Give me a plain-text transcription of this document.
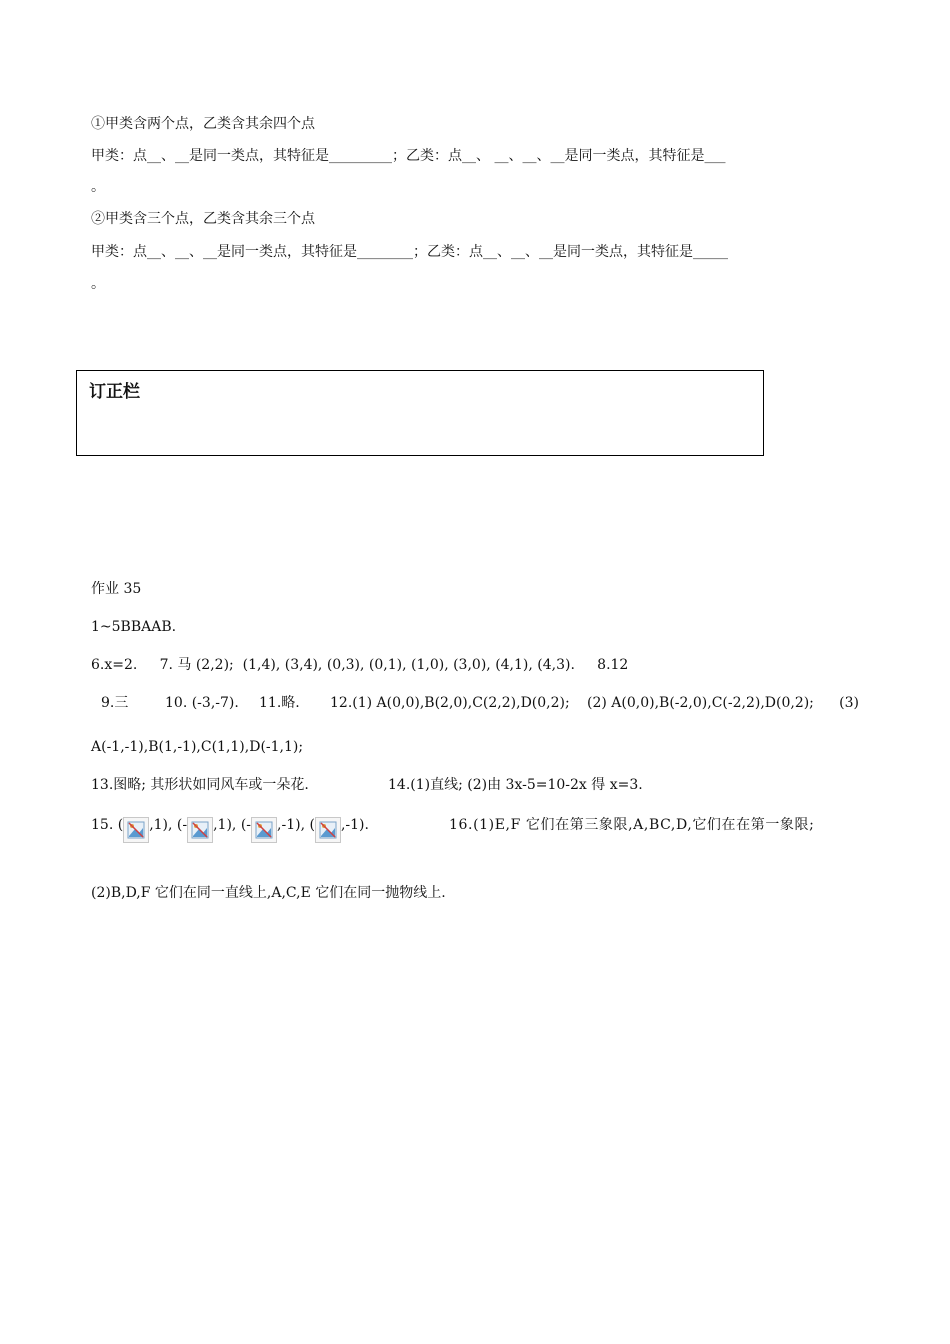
①甲类含两个点，乙类含其余四个点
甲类：点__、__是同一类点，其特征是_________；乙类：点__、 __、__、__是同一类点，其特征是___
。
②甲类含三个点，乙类含其余三个点
甲类：点__、__、__是同一类点，其特征是________；乙类：点__、__、__是同一类点，其特征是_____
。
订正栏
作业 35
1~5BBAAB.
6.x=2.     7. 马 (2,2);  (1,4), (3,4), (0,3), (0,1), (1,0), (3,0), (4,1), (4,3).     8.12
9.三	10. (-3,-7). 11.略. 12.(1) A(0,0),B(2,0),C(2,2),D(0,2); (2) A(0,0),B(-2,0),C(-2,2),D(0,2); (3)
A(-1,-1),B(1,-1),C(1,1),D(-1,1);
13.图略; 其形状如同风车或一朵花.	14.(1)直线; (2)由 3x-5=10-2x 得 x=3.
15. ( ,1), (- ,1), (- ,-1), ( ,-1).	16.(1)E,F 它们在第三象限,A,BC,D,它们在在第一象限;
(2)B,D,F 它们在同一直线上,A,C,E 它们在同一抛物线上.
